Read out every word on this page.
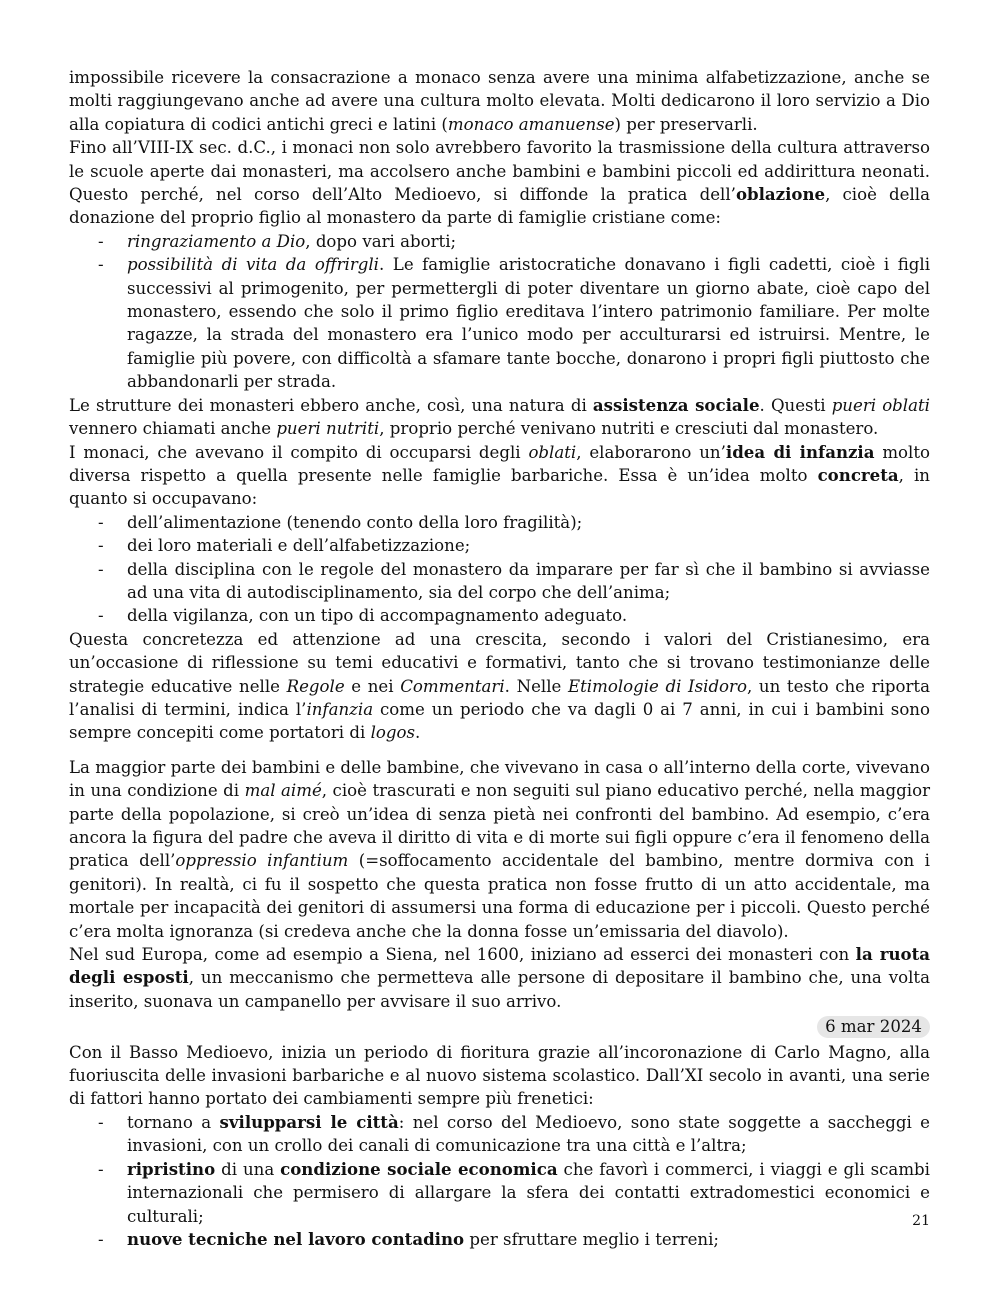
impossibile ricevere la consacrazione a monaco senza avere una minima alfabetizzazione, anche se molti raggiungevano anche ad avere una cultura molto elevata. Molti dedicarono il loro servizio a Dio alla copiatura di codici antichi greci e latini (monaco amanuense) per preservarli.

Fino all’VIII-IX sec. d.C., i monaci non solo avrebbero favorito la trasmissione della cultura attraverso le scuole aperte dai monasteri, ma accolsero anche bambini e bambini piccoli ed addirittura neonati. Questo perché, nel corso dell’Alto Medioevo, si diffonde la pratica dell’oblazione, cioè della donazione del proprio figlio al monastero da parte di famiglie cristiane come:

- ringraziamento a Dio, dopo vari aborti;
- possibilità di vita da offrirgli. Le famiglie aristocratiche donavano i figli cadetti, cioè i figli successivi al primogenito, per permettergli di poter diventare un giorno abate, cioè capo del monastero, essendo che solo il primo figlio ereditava l’intero patrimonio familiare. Per molte ragazze, la strada del monastero era l’unico modo per acculturarsi ed istruirsi. Mentre, le famiglie più povere, con difficoltà a sfamare tante bocche, donarono i propri figli piuttosto che abbandonarli per strada.

Le strutture dei monasteri ebbero anche, così, una natura di assistenza sociale. Questi pueri oblati vennero chiamati anche pueri nutriti, proprio perché venivano nutriti e cresciuti dal monastero.

I monaci, che avevano il compito di occuparsi degli oblati, elaborarono un’idea di infanzia molto diversa rispetto a quella presente nelle famiglie barbariche. Essa è un’idea molto concreta, in quanto si occupavano:

- dell’alimentazione (tenendo conto della loro fragilità);
- dei loro materiali e dell’alfabetizzazione;
- della disciplina con le regole del monastero da imparare per far sì che il bambino si avviasse ad una vita di autodisciplinamento, sia del corpo che dell’anima;
- della vigilanza, con un tipo di accompagnamento adeguato.

Questa concretezza ed attenzione ad una crescita, secondo i valori del Cristianesimo, era un’occasione di riflessione su temi educativi e formativi, tanto che si trovano testimonianze delle strategie educative nelle Regole e nei Commentari. Nelle Etimologie di Isidoro, un testo che riporta l’analisi di termini, indica l’infanzia come un periodo che va dagli 0 ai 7 anni, in cui i bambini sono sempre concepiti come portatori di logos.

La maggior parte dei bambini e delle bambine, che vivevano in casa o all’interno della corte, vivevano in una condizione di mal aimé, cioè trascurati e non seguiti sul piano educativo perché, nella maggior parte della popolazione, si creò un’idea di senza pietà nei confronti del bambino. Ad esempio, c’era ancora la figura del padre che aveva il diritto di vita e di morte sui figli oppure c’era il fenomeno della pratica dell’oppressio infantium (=soffocamento accidentale del bambino, mentre dormiva con i genitori). In realtà, ci fu il sospetto che questa pratica non fosse frutto di un atto accidentale, ma mortale per incapacità dei genitori di assumersi una forma di educazione per i piccoli. Questo perché c’era molta ignoranza (si credeva anche che la donna fosse un’emissaria del diavolo).

Nel sud Europa, come ad esempio a Siena, nel 1600, iniziano ad esserci dei monasteri con la ruota degli esposti, un meccanismo che permetteva alle persone di depositare il bambino che, una volta inserito, suonava un campanello per avvisare il suo arrivo.

6 mar 2024

Con il Basso Medioevo, inizia un periodo di fioritura grazie all’incoronazione di Carlo Magno, alla fuoriuscita delle invasioni barbariche e al nuovo sistema scolastico. Dall’XI secolo in avanti, una serie di fattori hanno portato dei cambiamenti sempre più frenetici:

- tornano a svilupparsi le città: nel corso del Medioevo, sono state soggette a saccheggi e invasioni, con un crollo dei canali di comunicazione tra una città e l’altra;
- ripristino di una condizione sociale economica che favorì i commerci, i viaggi e gli scambi internazionali che permisero di allargare la sfera dei contatti extradomestici economici e culturali;
- nuove tecniche nel lavoro contadino per sfruttare meglio i terreni;
21
